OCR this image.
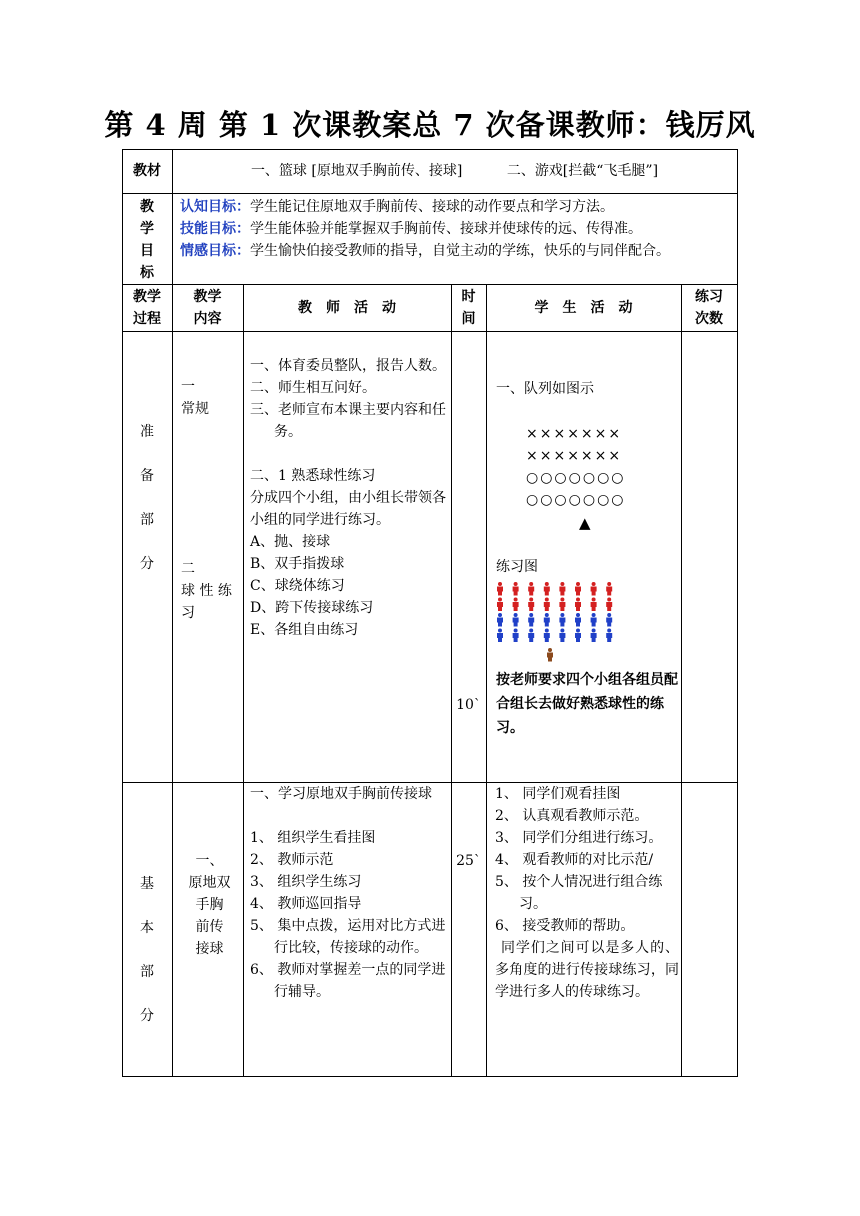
第 4 周 第 1 次课教案总 7 次备课教师：钱厉风
教材	一、篮球 [原地双手胸前传、接球]          二、游戏[拦截“飞毛腿”]
教
学
目
标
认知目标：学生能记住原地双手胸前传、接球的动作要点和学习方法。
技能目标：学生能体验并能掌握双手胸前传、接球并使球传的远、传得准。
情感目标：学生愉快伯接受教师的指导，自觉主动的学练，快乐的与同伴配合。
教学
过程
教学
内容
教　师　活　动
时
间
学　生　活　动
练习
次数
准
备
部
分
一
常规
二
球 性 练
习
一、体育委员整队，报告人数。
二、师生相互问好。
三、老师宣布本课主要内容和任务。
二、1 熟悉球性练习
分成四个小组，由小组长带领各小组的同学进行练习。
A、抛、接球
B、双手指拨球
C、球绕体练习
D、跨下传接球练习
E、各组自由练习
10`
一、队列如图示
×××××××
×××××××
○○○○○○○
○○○○○○○
▲
练习图
按老师要求四个小组各组员配合组长去做好熟悉球性的练习。
基
本
部
分
一、
原地双
手胸
前传
接球
一、学习原地双手胸前传接球
1、 组织学生看挂图
2、 教师示范
3、 组织学生练习
4、 教师巡回指导
5、 集中点拨，运用对比方式进行比较，传接球的动作。
6、 教师对掌握差一点的同学进行辅导。
25`
1、 同学们观看挂图
2、 认真观看教师示范。
3、 同学们分组进行练习。
4、 观看教师的对比示范/
5、 按个人情况进行组合练习。
6、 接受教师的帮助。
同学们之间可以是多人的、多角度的进行传接球练习，同学进行多人的传球练习。
